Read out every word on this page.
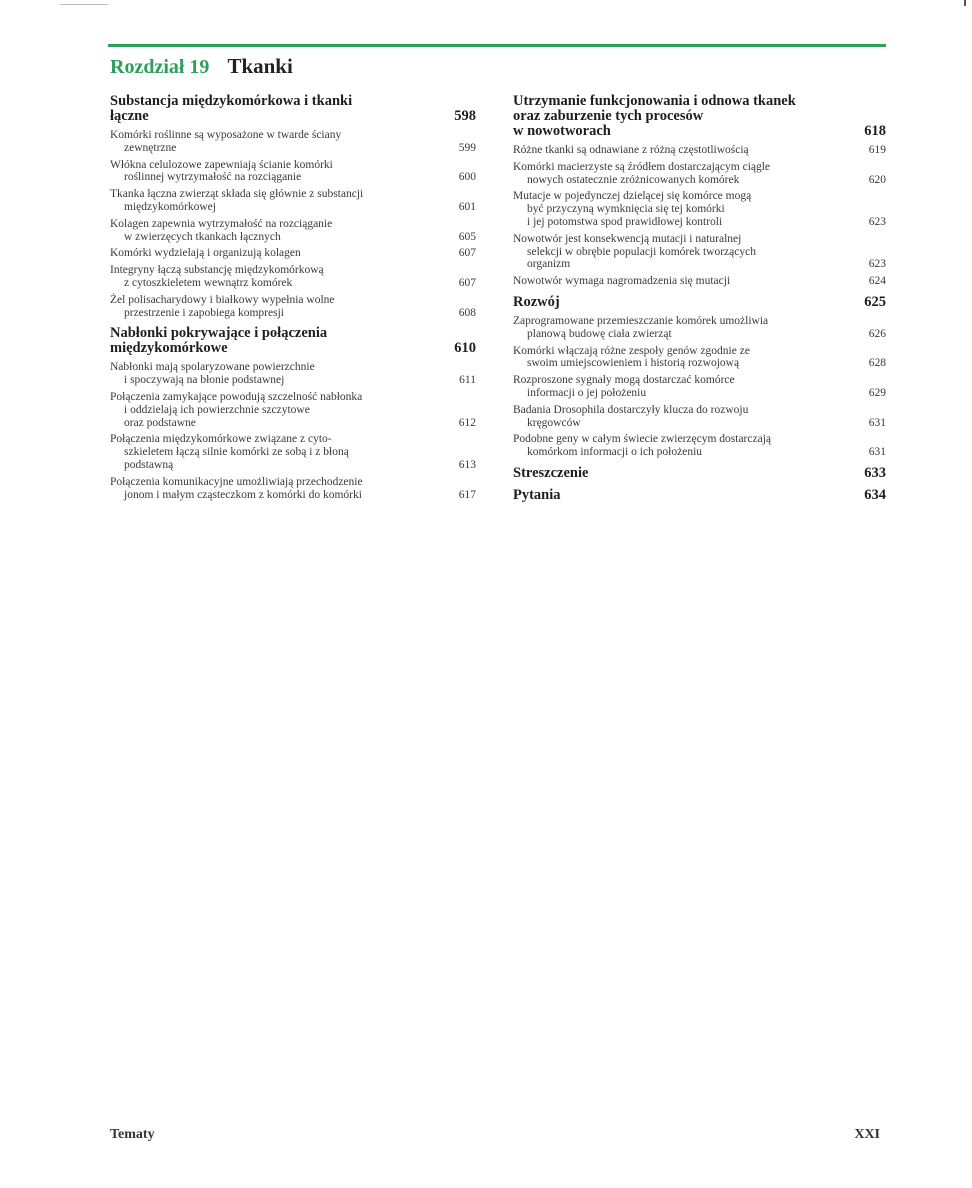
Rozdział 19 Tkanki
Substancja międzykomórkowa i tkanki
łączne	598
Komórki roślinne są wyposażone w twarde ściany
zewnętrzne	599
Włókna celulozowe zapewniają ścianie komórki
roślinnej wytrzymałość na rozciąganie	600
Tkanka łączna zwierząt składa się głównie z substancji
międzykomórkowej	601
Kolagen zapewnia wytrzymałość na rozciąganie
w zwierzęcych tkankach łącznych	605
Komórki wydzielają i organizują kolagen	607
Integryny łączą substancję międzykomórkową
z cytoszkieletem wewnątrz komórek	607
Żel polisacharydowy i białkowy wypełnia wolne
przestrzenie i zapobiega kompresji	608
Nabłonki pokrywające i połączenia
międzykomórkowe	610
Nabłonki mają spolaryzowane powierzchnie
i spoczywają na błonie podstawnej	611
Połączenia zamykające powodują szczelność nabłonka
i oddzielają ich powierzchnie szczytowe
oraz podstawne	612
Połączenia międzykomórkowe związane z cyto-
szkieletem łączą silnie komórki ze sobą i z błoną
podstawną	613
Połączenia komunikacyjne umożliwiają przechodzenie
jonom i małym cząsteczkom z komórki do komórki	617
Utrzymanie funkcjonowania i odnowa tkanek
oraz zaburzenie tych procesów
w nowotworach	618
Różne tkanki są odnawiane z różną częstotliwością	619
Komórki macierzyste są źródłem dostarczającym ciągle
nowych ostatecznie zróżnicowanych komórek	620
Mutacje w pojedynczej dzielącej się komórce mogą
być przyczyną wymknięcia się tej komórki
i jej potomstwa spod prawidłowej kontroli	623
Nowotwór jest konsekwencją mutacji i naturalnej
selekcji w obrębie populacji komórek tworzących
organizm	623
Nowotwór wymaga nagromadzenia się mutacji	624
Rozwój	625
Zaprogramowane przemieszczanie komórek umożliwia
planową budowę ciała zwierząt	626
Komórki włączają różne zespoły genów zgodnie ze
swoim umiejscowieniem i historią rozwojową	628
Rozproszone sygnały mogą dostarczać komórce
informacji o jej położeniu	629
Badania Drosophila dostarczyły klucza do rozwoju
kręgowców	631
Podobne geny w całym świecie zwierzęcym dostarczają
komórkom informacji o ich położeniu	631
Streszczenie	633
Pytania	634
Tematy	XXI
